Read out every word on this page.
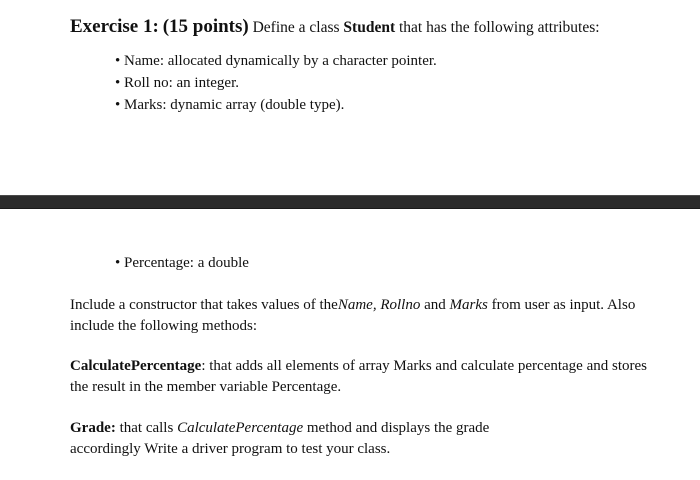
Exercise 1: (15 points) Define a class Student that has the following attributes:
• Name: allocated dynamically by a character pointer.
• Roll no: an integer.
• Marks: dynamic array (double type).
• Percentage: a double
Include a constructor that takes values of theName, Rollno and Marks from user as input. Also
include the following methods:
CalculatePercentage: that adds all elements of array Marks and calculate percentage and stores
the result in the member variable Percentage.
Grade: that calls CalculatePercentage method and displays the grade
accordingly Write a driver program to test your class.
